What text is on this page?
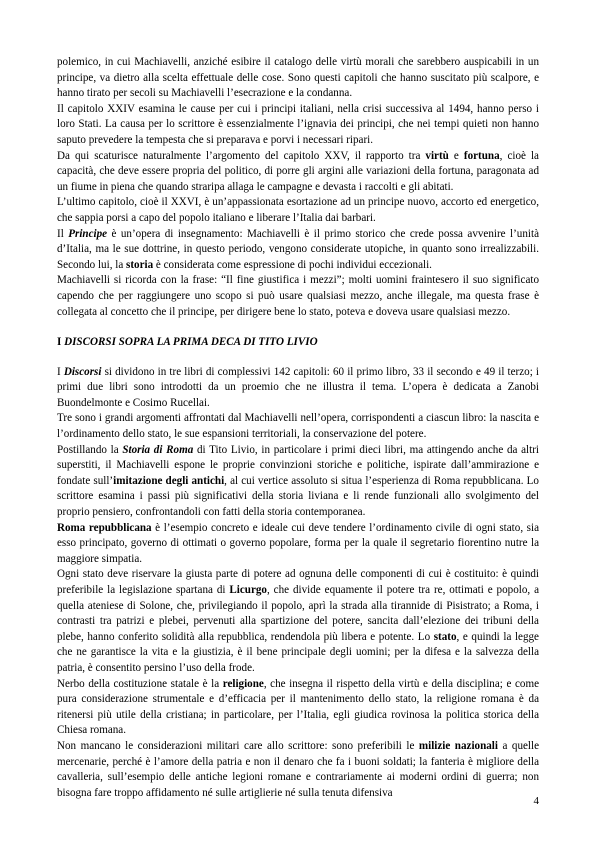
polemico, in cui Machiavelli, anziché esibire il catalogo delle virtù morali che sarebbero auspicabili in un principe, va dietro alla scelta effettuale delle cose. Sono questi capitoli che hanno suscitato più scalpore, e hanno tirato per secoli su Machiavelli l’esecrazione e la condanna.

Il capitolo XXIV esamina le cause per cui i principi italiani, nella crisi successiva al 1494, hanno perso i loro Stati. La causa per lo scrittore è essenzialmente l’ignavia dei principi, che nei tempi quieti non hanno saputo prevedere la tempesta che si preparava e porvi i necessari ripari.

Da qui scaturisce naturalmente l’argomento del capitolo XXV, il rapporto tra virtù e fortuna, cioè la capacità, che deve essere propria del politico, di porre gli argini alle variazioni della fortuna, paragonata ad un fiume in piena che quando straripa allaga le campagne e devasta i raccolti e gli abitati.

L’ultimo capitolo, cioè il XXVI, è un’appassionata esortazione ad un principe nuovo, accorto ed energetico, che sappia porsi a capo del popolo italiano e liberare l’Italia dai barbari.

Il Principe è un’opera di insegnamento: Machiavelli è il primo storico che crede possa avvenire l’unità d’Italia, ma le sue dottrine, in questo periodo, vengono considerate utopiche, in quanto sono irrealizzabili. Secondo lui, la storia è considerata come espressione di pochi individui eccezionali.

Machiavelli si ricorda con la frase: “Il fine giustifica i mezzi”; molti uomini fraintesero il suo significato capendo che per raggiungere uno scopo si può usare qualsiasi mezzo, anche illegale, ma questa frase è collegata al concetto che il principe, per dirigere bene lo stato, poteva e doveva usare qualsiasi mezzo.

I DISCORSI SOPRA LA PRIMA DECA DI TITO LIVIO

I Discorsi si dividono in tre libri di complessivi 142 capitoli: 60 il primo libro, 33 il secondo e 49 il terzo; i primi due libri sono introdotti da un proemio che ne illustra il tema. L’opera è dedicata a Zanobi Buondelmonte e Cosimo Rucellai.

Tre sono i grandi argomenti affrontati dal Machiavelli nell’opera, corrispondenti a ciascun libro: la nascita e l’ordinamento dello stato, le sue espansioni territoriali, la conservazione del potere.

Postillando la Storia di Roma di Tito Livio, in particolare i primi dieci libri, ma attingendo anche da altri superstiti, il Machiavelli espone le proprie convinzioni storiche e politiche, ispirate dall’ammirazione e fondate sull’imitazione degli antichi, al cui vertice assoluto si situa l’esperienza di Roma repubblicana. Lo scrittore esamina i passi più significativi della storia liviana e li rende funzionali allo svolgimento del proprio pensiero, confrontandoli con fatti della storia contemporanea.

Roma repubblicana è l’esempio concreto e ideale cui deve tendere l’ordinamento civile di ogni stato, sia esso principato, governo di ottimati o governo popolare, forma per la quale il segretario fiorentino nutre la maggiore simpatia.

Ogni stato deve riservare la giusta parte di potere ad ognuna delle componenti di cui è costituito: è quindi preferibile la legislazione spartana di Licurgo, che divide equamente il potere tra re, ottimati e popolo, a quella ateniese di Solone, che, privilegiando il popolo, aprì la strada alla tirannide di Pisistrato; a Roma, i contrasti tra patrizi e plebei, pervenuti alla spartizione del potere, sancita dall’elezione dei tribuni della plebe, hanno conferito solidità alla repubblica, rendendola più libera e potente. Lo stato, e quindi la legge che ne garantisce la vita e la giustizia, è il bene principale degli uomini; per la difesa e la salvezza della patria, è consentito persino l’uso della frode.

Nerbo della costituzione statale è la religione, che insegna il rispetto della virtù e della disciplina; e come pura considerazione strumentale e d’efficacia per il mantenimento dello stato, la religione romana è da ritenersi più utile della cristiana; in particolare, per l’Italia, egli giudica rovinosa la politica storica della Chiesa romana.

Non mancano le considerazioni militari care allo scrittore: sono preferibili le milizie nazionali a quelle mercenarie, perché è l’amore della patria e non il denaro che fa i buoni soldati; la fanteria è migliore della cavalleria, sull’esempio delle antiche legioni romane e contrariamente ai moderni ordini di guerra; non bisogna fare troppo affidamento né sulle artiglierie né sulla tenuta difensiva

4
